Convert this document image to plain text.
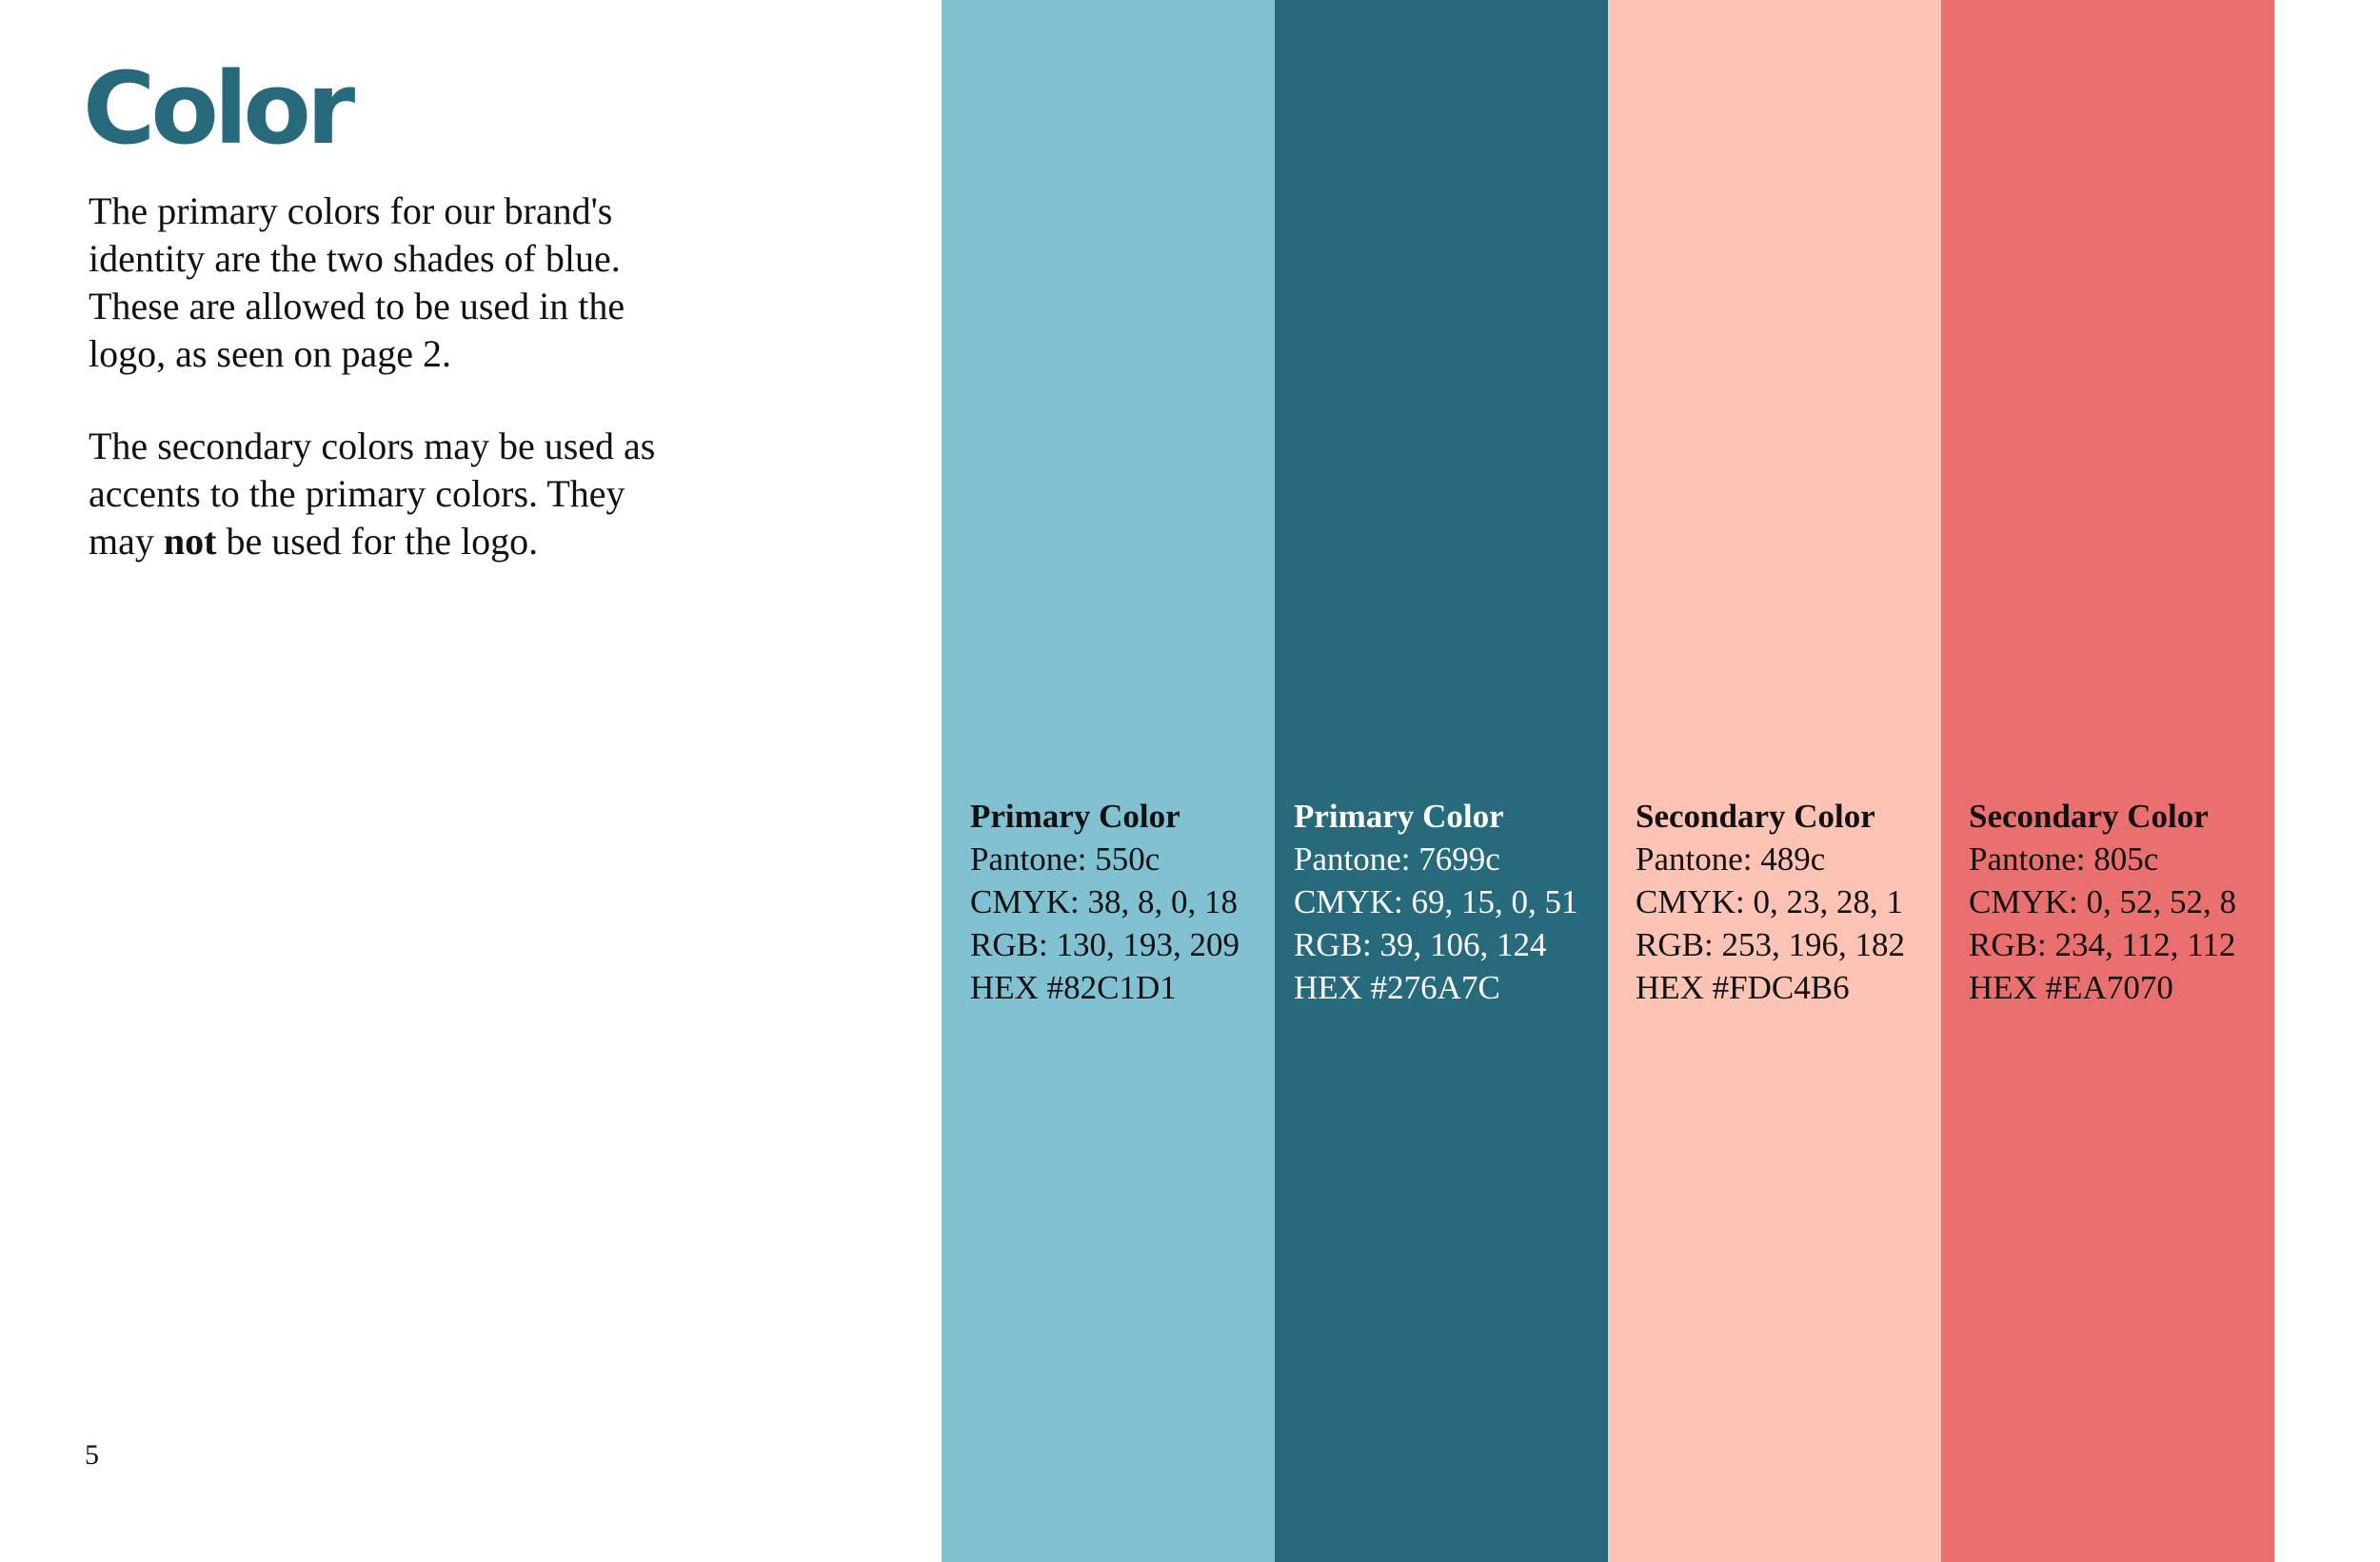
Color

The primary colors for our brand's identity are the two shades of blue. These are allowed to be used in the logo, as seen on page 2.

The secondary colors may be used as accents to the primary colors. They may not be used for the logo.

5
Primary Color
Pantone: 550c
CMYK: 38, 8, 0, 18
RGB: 130, 193, 209
HEX #82C1D1
Primary Color
Pantone: 7699c
CMYK: 69, 15, 0, 51
RGB: 39, 106, 124
HEX #276A7C
Secondary Color
Pantone: 489c
CMYK: 0, 23, 28, 1
RGB: 253, 196, 182
HEX #FDC4B6
Secondary Color
Pantone: 805c
CMYK: 0, 52, 52, 8
RGB: 234, 112, 112
HEX #EA7070
